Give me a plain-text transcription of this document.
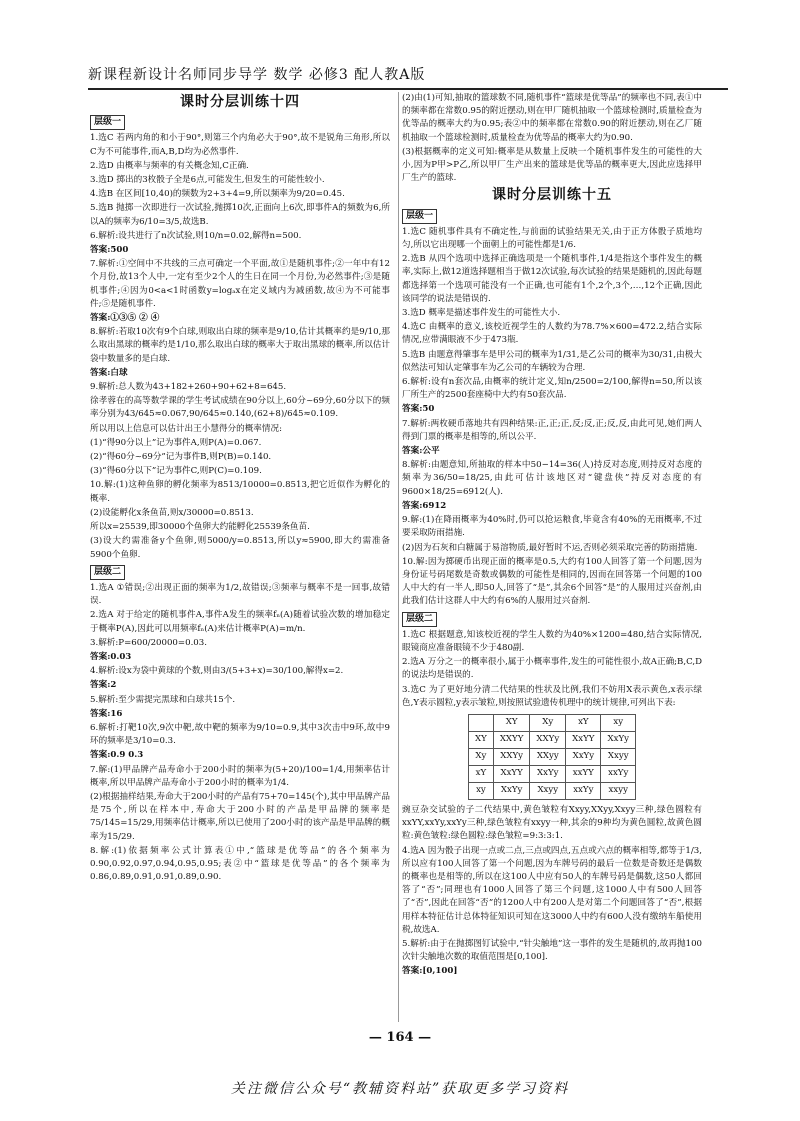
新课程新设计名师同步导学 数学 必修3 配人教A版
课时分层训练十四
层级一

1.选C 若两内角的和小于90°,则第三个内角必大于90°,故不是锐角三角形,所以C为不可能事件,而A,B,D均为必然事件.

2.选D 由概率与频率的有关概念知,C正确.

3.选D 掷出的3枚骰子全是6点,可能发生,但发生的可能性较小.

4.选B 在区间[10,40)的频数为2+3+4=9,所以频率为9/20=0.45.

5.选B 抛掷一次即进行一次试验,抛掷10次,正面向上6次,即事件A的频数为6,所以A的频率为6/10=3/5,故选B.

6.解析:设共进行了n次试验,则10/n=0.02,解得n=500.

答案:500

7.解析:①空间中不共线的三点可确定一个平面,故①是随机事件;②一年中有12个月份,故13个人中,一定有至少2个人的生日在同一个月份,为必然事件;③是随机事件;④因为0<a<1时函数y=logₐx在定义域内为减函数,故④为不可能事件;⑤是随机事件.

答案:①③⑤ ② ④

8.解析:若取10次有9个白球,则取出白球的频率是9/10,估计其概率约是9/10,那么取出黑球的概率约是1/10,那么取出白球的概率大于取出黑球的概率,所以估计袋中数量多的是白球.

答案:白球

9.解析:总人数为43+182+260+90+62+8=645.

徐孝蓉在的高等数学课的学生考试成绩在90分以上,60分~69分,60分以下的频率分别为43/645≈0.067,90/645≈0.140,(62+8)/645≈0.109.

所以用以上信息可以估计出王小慧得分的概率情况:

(1)“得90分以上”记为事件A,则P(A)=0.067.

(2)“得60分~69分”记为事件B,则P(B)=0.140.

(3)“得60分以下”记为事件C,则P(C)=0.109.

10.解:(1)这种鱼卵的孵化频率为8513/10000=0.8513,把它近似作为孵化的概率.

(2)设能孵化x条鱼苗,则x/30000=0.8513.

所以x=25539,即30000个鱼卵大约能孵化25539条鱼苗.

(3)设大约需准备y个鱼卵,则5000/y=0.8513,所以y≈5900,即大约需准备5900个鱼卵.

层级二

1.选A ①错误;②出现正面的频率为1/2,故错误;③频率与概率不是一回事,故错误.

2.选A 对于给定的随机事件A,事件A发生的频率fₙ(A)随着试验次数的增加稳定于概率P(A),因此可以用频率fₙ(A)来估计概率P(A)=m/n.

3.解析:P=600/20000=0.03.

答案:0.03

4.解析:设x为袋中黄球的个数,则由3/(5+3+x)=30/100,解得x=2.

答案:2

5.解析:至少需提完黑球和白球共15个.

答案:16

6.解析:打靶10次,9次中靶,故中靶的频率为9/10=0.9,其中3次击中9环,故中9环的频率是3/10=0.3.

答案:0.9 0.3

7.解:(1)甲品牌产品寿命小于200小时的频率为(5+20)/100=1/4,用频率估计概率,所以甲品牌产品寿命小于200小时的概率为1/4.

(2)根据抽样结果,寿命大于200小时的产品有75+70=145(个),其中甲品牌产品是75个,所以在样本中,寿命大于200小时的产品是甲品牌的频率是75/145=15/29,用频率估计概率,所以已使用了200小时的该产品是甲品牌的概率为15/29.

8.解:(1)依据频率公式计算表①中,“篮球是优等品”的各个频率为0.90,0.92,0.97,0.94,0.95,0.95;表②中“篮球是优等品”的各个频率为0.86,0.89,0.91,0.91,0.89,0.90.

(2)由(1)可知,抽取的篮球数不同,随机事件“篮球是优等品”的频率也不同,表①中的频率都在常数0.95的附近摆动,则在甲厂随机抽取一个篮球检测时,质量检查为优等品的概率大约为0.95;表②中的频率都在常数0.90的附近摆动,则在乙厂随机抽取一个篮球检测时,质量检查为优等品的概率大约为0.90.

(3)根据概率的定义可知:概率是从数量上反映一个随机事件发生的可能性的大小,因为P甲>P乙,所以甲厂生产出来的篮球是优等品的概率更大,因此应选择甲厂生产的篮球.

课时分层训练十五
层级一

1.选C 随机事件具有不确定性,与前面的试验结果无关,由于正方体骰子质地均匀,所以它出现哪一个面朝上的可能性都是1/6.

2.选B 从四个选项中选择正确选项是一个随机事件,1/4是指这个事件发生的概率,实际上,做12道选择题相当于做12次试验,每次试验的结果是随机的,因此每题都选择第一个选项可能没有一个正确,也可能有1个,2个,3个,…,12个正确,因此该同学的说法是错误的.

3.选D 概率是描述事件发生的可能性大小.

4.选C 由概率的意义,该校近视学生的人数约为78.7%×600=472.2,结合实际情况,应带满眼液不少于473瓶.

5.选B 由题意得肇事车是甲公司的概率为1/31,是乙公司的概率为30/31,由极大似然法可知认定肇事车为乙公司的车辆较为合理.

6.解析:设有n套次品,由概率的统计定义,知n/2500=2/100,解得n=50,所以该厂所生产的2500套座椅中大约有50套次品.

答案:50

7.解析:两枚硬币落地共有四种结果:正,正;正,反;反,正;反,反,由此可见,她们两人得到门票的概率是相等的,所以公平.

答案:公平

8.解析:由题意知,所抽取的样本中50−14=36(人)持反对态度,则持反对态度的频率为36/50=18/25,由此可估计该地区对“键盘侠”持反对态度的有9600×18/25=6912(人).

答案:6912

9.解:(1)在降雨概率为40%时,仍可以抢运粮食,毕竟含有40%的无雨概率,不过要采取防雨措施.

(2)因为石灰和白糖属于易溶物质,最好暂时不运,否则必须采取完善的防雨措施.

10.解:因为掷硬币出现正面的概率是0.5,大约有100人回答了第一个问题,因为身份证号码尾数是奇数或偶数的可能性是相同的,因而在回答第一个问题的100人中大约有一半人,即50人,回答了“是”,其余6个回答“是”的人服用过兴奋剂,由此我们估计这群人中大约有6%的人服用过兴奋剂.

层级二

1.选C 根据题意,知该校近视的学生人数约为40%×1200=480,结合实际情况,眼镜商应准备眼镜不少于480副.

2.选A 万分之一的概率很小,属于小概率事件,发生的可能性很小,故A正确;B,C,D的说法均是错误的.

3.选C 为了更好地分清二代结果的性状及比例,我们不妨用X表示黄色,x表示绿色,Y表示圆粒,y表示皱粒,则按照试验遗传机理中的统计规律,可列出下表:

	XY	Xy	xY	xy
XY	XXYY	XXYy	XxYY	XxYy
Xy	XXYy	XXyy	XxYy	Xxyy
xY	XxYY	XxYy	xxYY	xxYy
xy	XxYy	Xxyy	xxYy	xxyy

豌豆杂交试验的子二代结果中,黄色皱粒有Xxyy,XXyy,Xxyy三种,绿色圆粒有xxYY,xxYy,xxYy三种,绿色皱粒有xxyy一种,其余的9种均为黄色圆粒,故黄色圆粒:黄色皱粒:绿色圆粒:绿色皱粒=9:3:3:1.

4.选A 因为骰子出现一点或二点,三点或四点,五点或六点的概率相等,都等于1/3,所以应有100人回答了第一个问题,因为车牌号码的最后一位数是奇数还是偶数的概率也是相等的,所以在这100人中应有50人的车牌号码是偶数,这50人都回答了“否”;同理也有1000人回答了第三个问题,这1000人中有500人回答了“否”,因此在回答“否”的1200人中有200人是对第二个问题回答了“否”,根据用样本特征估计总体特征知识可知在这3000人中约有600人没有缴纳车船使用税,故选A.

5.解析:由于在抛掷图钉试验中,“针尖触地”这一事件的发生是随机的,故再抛100次针尖触地次数的取值范围是[0,100].

答案:[0,100]

— 164 —
关注微信公众号“教辅资料站”获取更多学习资料
